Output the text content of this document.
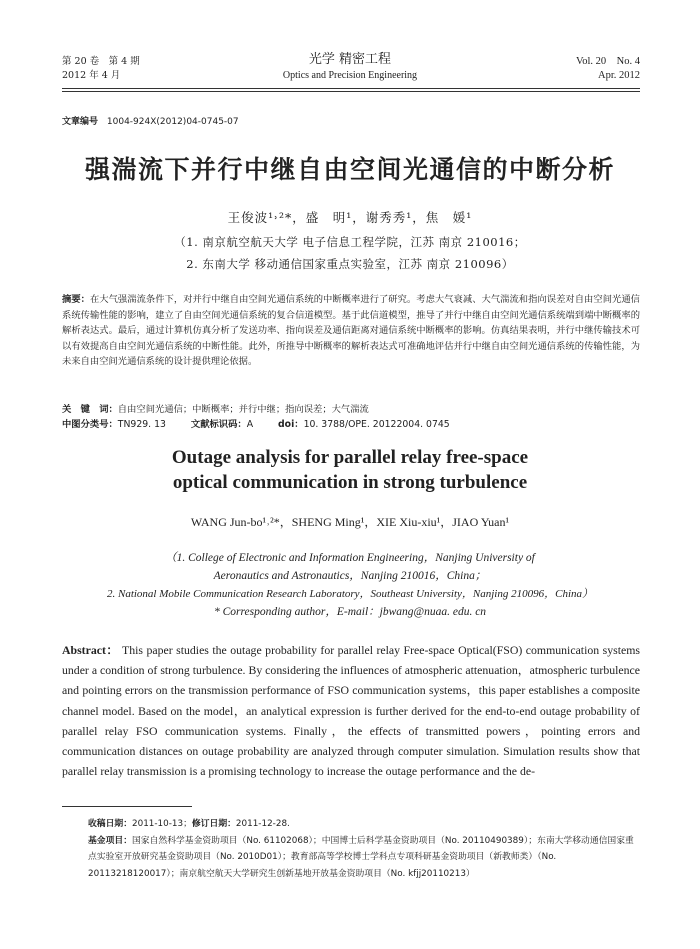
第 20 卷　第 4 期
2012 年 4 月
光学 精密工程
Optics and Precision Engineering
Vol. 20　No. 4
Apr. 2012
文章编号 1004-924X(2012)04-0745-07
强湍流下并行中继自由空间光通信的中断分析
王俊波¹˒²*，盛　明¹，谢秀秀¹，焦　媛¹
（1. 南京航空航天大学 电子信息工程学院，江苏 南京 210016；
2. 东南大学 移动通信国家重点实验室，江苏 南京 210096）
摘要：在大气强湍流条件下，对并行中继自由空间光通信系统的中断概率进行了研究。考虑大气衰减、大气湍流和指向误差对自由空间光通信系统传输性能的影响，建立了自由空间光通信系统的复合信道模型。基于此信道模型，推导了并行中继自由空间光通信系统端到端中断概率的解析表达式。最后，通过计算机仿真分析了发送功率、指向误差及通信距离对通信系统中断概率的影响。仿真结果表明，并行中继传输技术可以有效提高自由空间光通信系统的中断性能。此外，所推导中断概率的解析表达式可准确地评估并行中继自由空间光通信系统的传输性能，为未来自由空间光通信系统的设计提供理论依据。
关　键　词：自由空间光通信；中断概率；并行中继；指向误差；大气湍流
中图分类号：TN929. 13	文献标识码：A	doi：10. 3788/OPE. 20122004. 0745
Outage analysis for parallel relay free-space
optical communication in strong turbulence
WANG Jun-bo¹˒²*，SHENG Ming¹，XIE Xiu-xiu¹，JIAO Yuan¹
（1. College of Electronic and Information Engineering，Nanjing University of
Aeronautics and Astronautics，Nanjing 210016，China；
2. National Mobile Communication Research Laboratory，Southeast University，Nanjing 210096，China）
* Corresponding author，E-mail：jbwang@nuaa. edu. cn
Abstract： This paper studies the outage probability for parallel relay Free-space Optical(FSO) communication systems under a condition of strong turbulence. By considering the influences of atmospheric attenuation，atmospheric turbulence and pointing errors on the transmission performance of FSO communication systems，this paper establishes a composite channel model. Based on the model，an analytical expression is further derived for the end-to-end outage probability of parallel relay FSO communication systems. Finally，the effects of transmitted powers，pointing errors and communication distances on outage probability are analyzed through computer simulation. Simulation results show that parallel relay transmission is a promising technology to increase the outage performance and the de-
收稿日期：2011-10-13；修订日期：2011-12-28.
基金项目：国家自然科学基金资助项目（No. 61102068）；中国博士后科学基金资助项目（No. 20110490389）；东南大学移动通信国家重点实验室开放研究基金资助项目（No. 2010D01）；教育部高等学校博士学科点专项科研基金资助项目（新教师类）（No. 20113218120017）；南京航空航天大学研究生创新基地开放基金资助项目（No. kfjj20110213）
